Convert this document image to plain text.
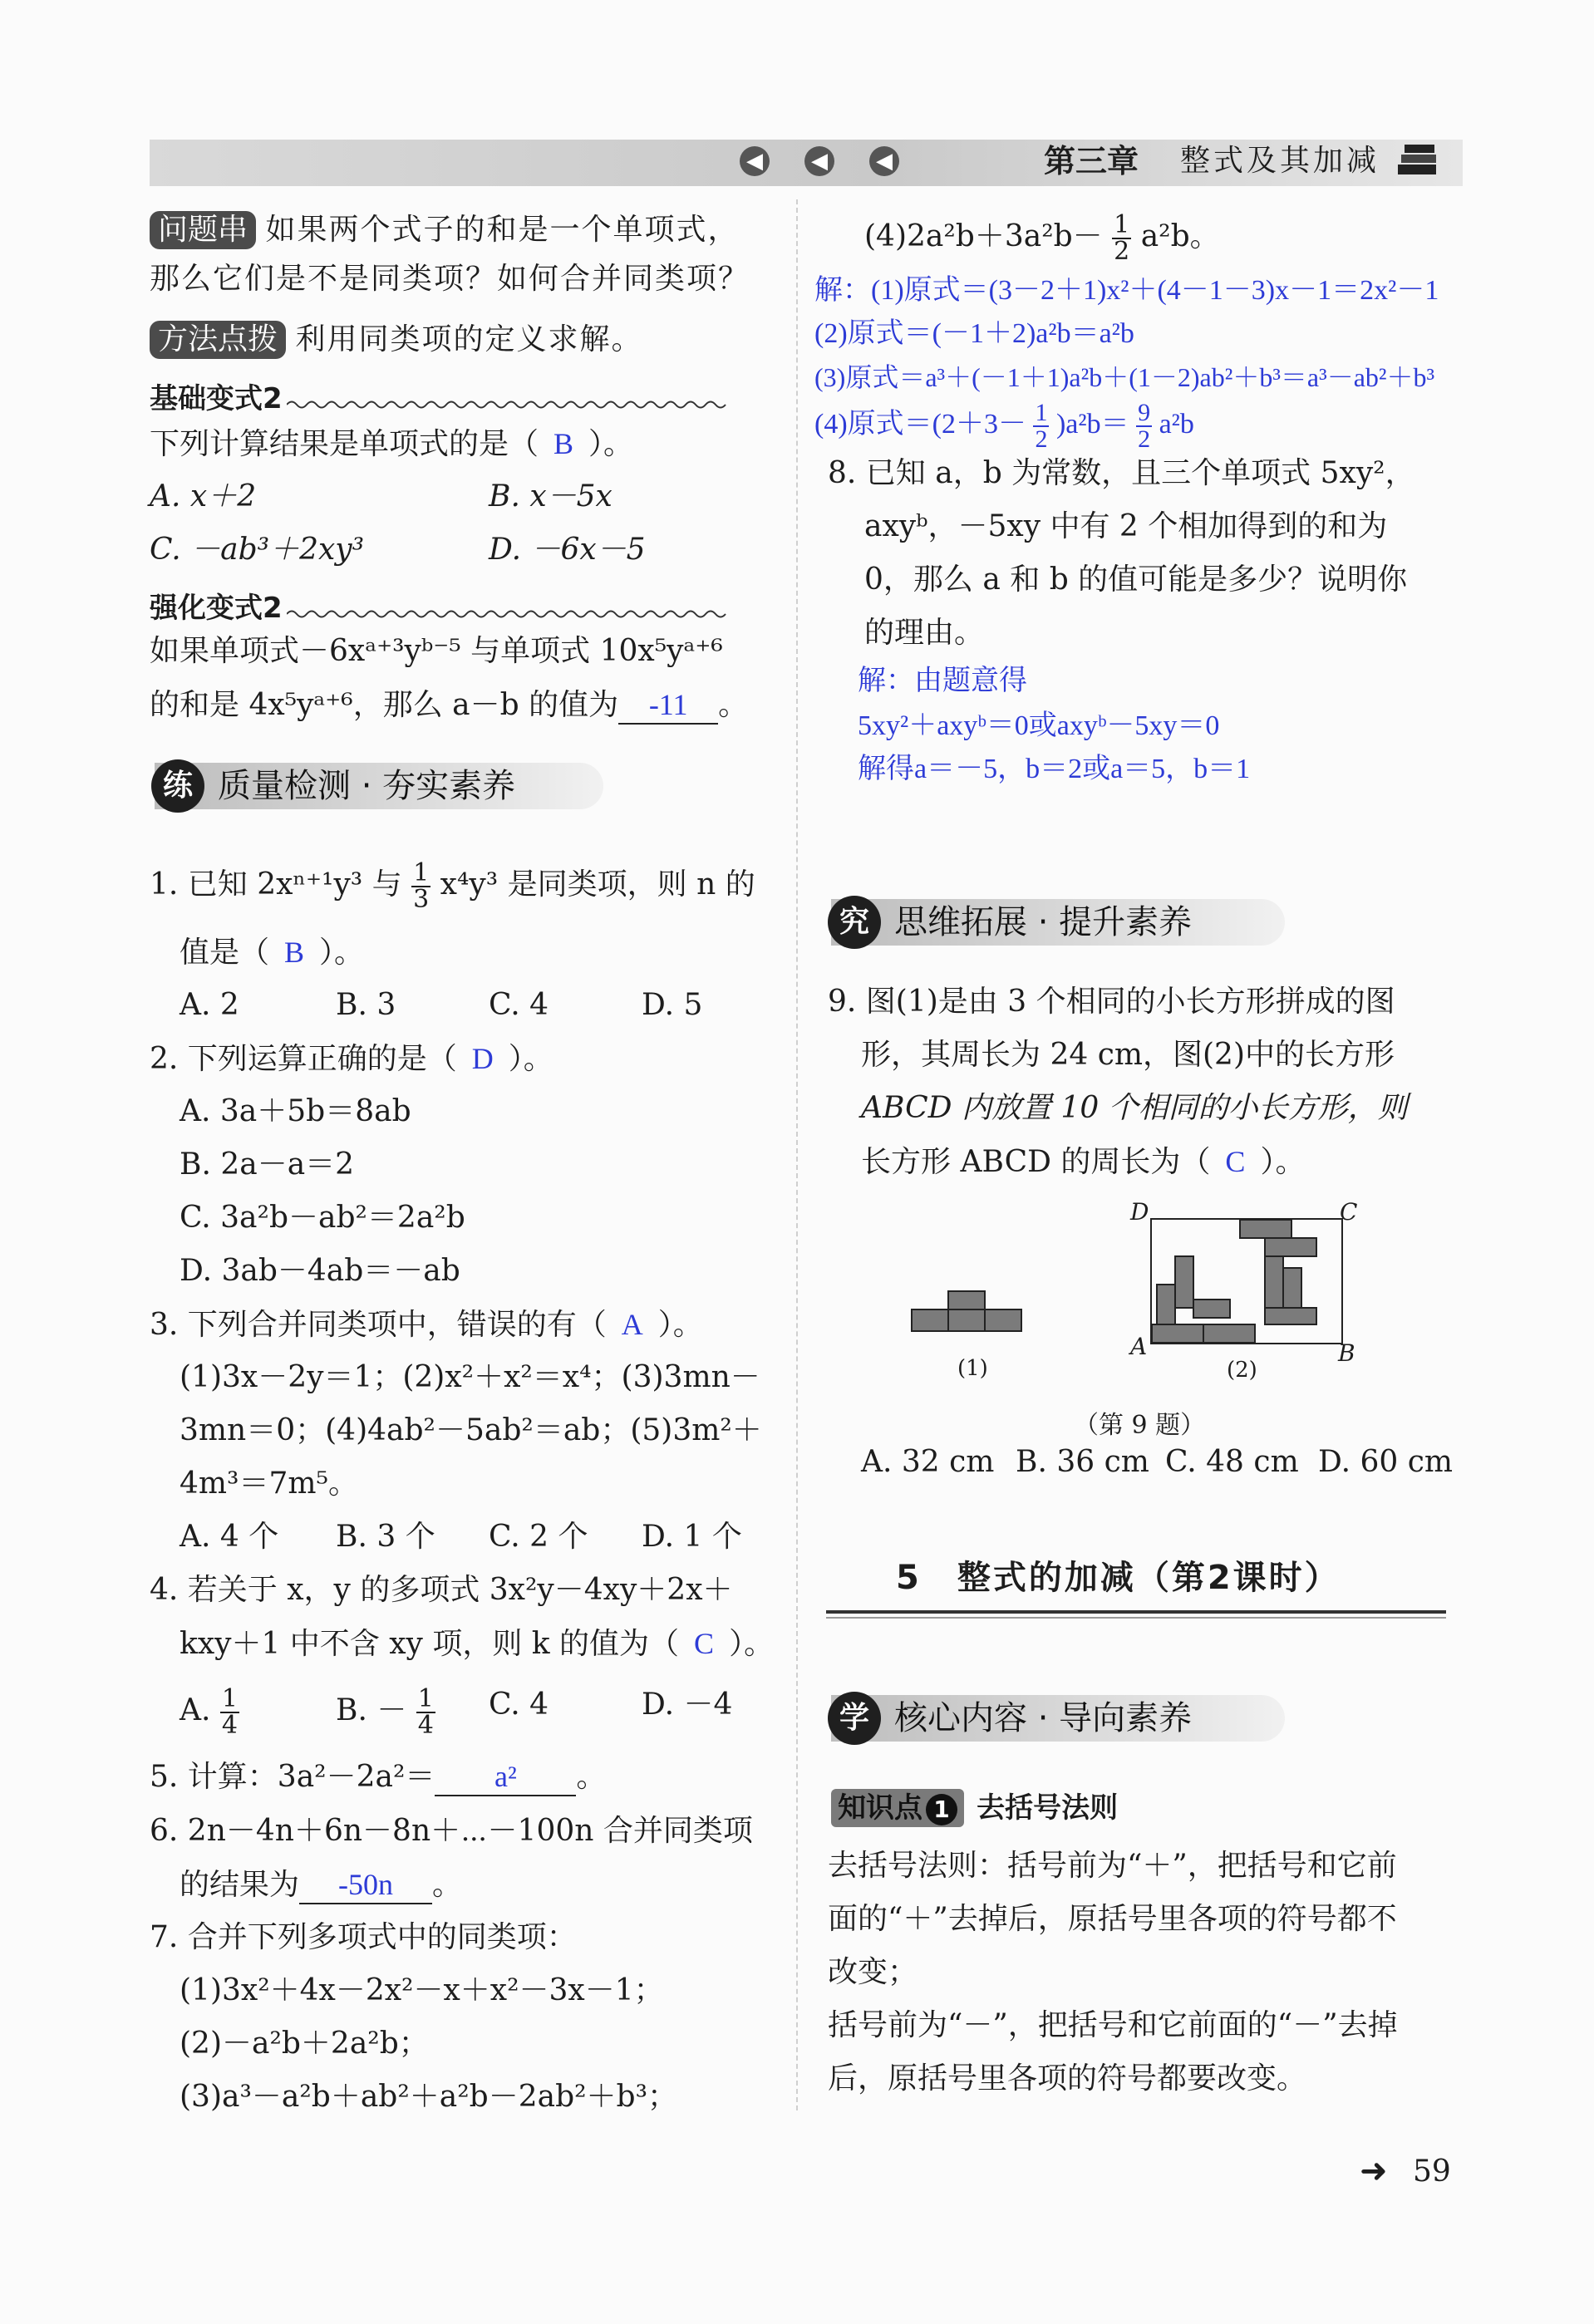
◀	◀	◀	第三章 整式及其加减
问题串 如果两个式子的和是一个单项式，
那么它们是不是同类项？如何合并同类项？
方法点拨 利用同类项的定义求解。
基础变式2
下列计算结果是单项式的是（ B ）。
A. x＋2	B. x－5x
C. －ab³＋2xy³	D. －6x－5
强化变式2
如果单项式－6xᵃ⁺³yᵇ⁻⁵ 与单项式 10x⁵yᵃ⁺⁶
的和是 4x⁵yᵃ⁺⁶，那么 a－b 的值为 -11 。
练 质量检测 · 夯实素养
1. 已知 2xⁿ⁺¹y³ 与 $\frac{1}{3} x^4y^3$ 是同类项，则 n 的
值是（ B ）。
A. 2	B. 3	C. 4	D. 5
2. 下列运算正确的是（ D ）。
A. 3a＋5b＝8ab
B. 2a－a＝2
C. 3a²b－ab²＝2a²b
D. 3ab－4ab＝－ab
3. 下列合并同类项中，错误的有（ A ）。
(1)3x－2y＝1；(2)x²＋x²＝x⁴；(3)3mn－
3mn＝0；(4)4ab²－5ab²＝ab；(5)3m²＋
4m³＝7m⁵。
A. 4 个 B. 3 个 C. 2 个 D. 1 个
4. 若关于 x，y 的多项式 3x²y－4xy＋2x＋
kxy＋1 中不含 xy 项，则 k 的值为（ C ）。
A. $\frac{1}{4}$	B. － $\frac{1}{4} C$. 4	D. －4
5. 计算：3a²－2a²＝ a² 。
6. 2n－4n＋6n－8n＋⋯－100n 合并同类项
的结果为 -50n 。
7. 合并下列多项式中的同类项：
(1)3x²＋4x－2x²－x＋x²－3x－1；
(2)－a²b＋2a²b；
(3)a³－a²b＋ab²＋a²b－2ab²＋b³；
$(4)2a^2b+3a^2b- \frac{1}{2} a^2b$。
解：(1)原式＝(3－2＋1)x²＋(4－1－3)x－1＝2x²－1
(2)原式＝(－1＋2)a²b＝a²b
(3)原式＝a³＋(－1＋1)a²b＋(1－2)ab²＋b³＝a³－ab²＋b³
(4)原式$=(2+3- \frac{1}{2} )a^2b= \frac{9}{2} a^2b$
8. 已知 a，b 为常数，且三个单项式 5xy²，
axyᵇ，－5xy 中有 2 个相加得到的和为
0，那么 a 和 b 的值可能是多少？说明你
的理由。
解：由题意得
5xy²＋axyᵇ＝0或axyᵇ－5xy＝0
解得a＝－5，b＝2或a＝5，b＝1
究 思维拓展 · 提升素养
9. 图(1)是由 3 个相同的小长方形拼成的图
形，其周长为 24 cm，图(2)中的长方形
ABCD 内放置 10 个相同的小长方形，则
长方形 ABCD 的周长为（ C ）。
(1)
D	C
A	B
(2)
（第 9 题）
A. 32 cm B. 36 cm C. 48 cm D. 60 cm
5　整式的加减（第2课时）
学 核心内容 · 导向素养
知识点 1 去括号法则
去括号法则：括号前为“＋”，把括号和它前
面的“＋”去掉后，原括号里各项的符号都不
改变；
括号前为“－”，把括号和它前面的“－”去掉
后，原括号里各项的符号都要改变。
➜ 59
